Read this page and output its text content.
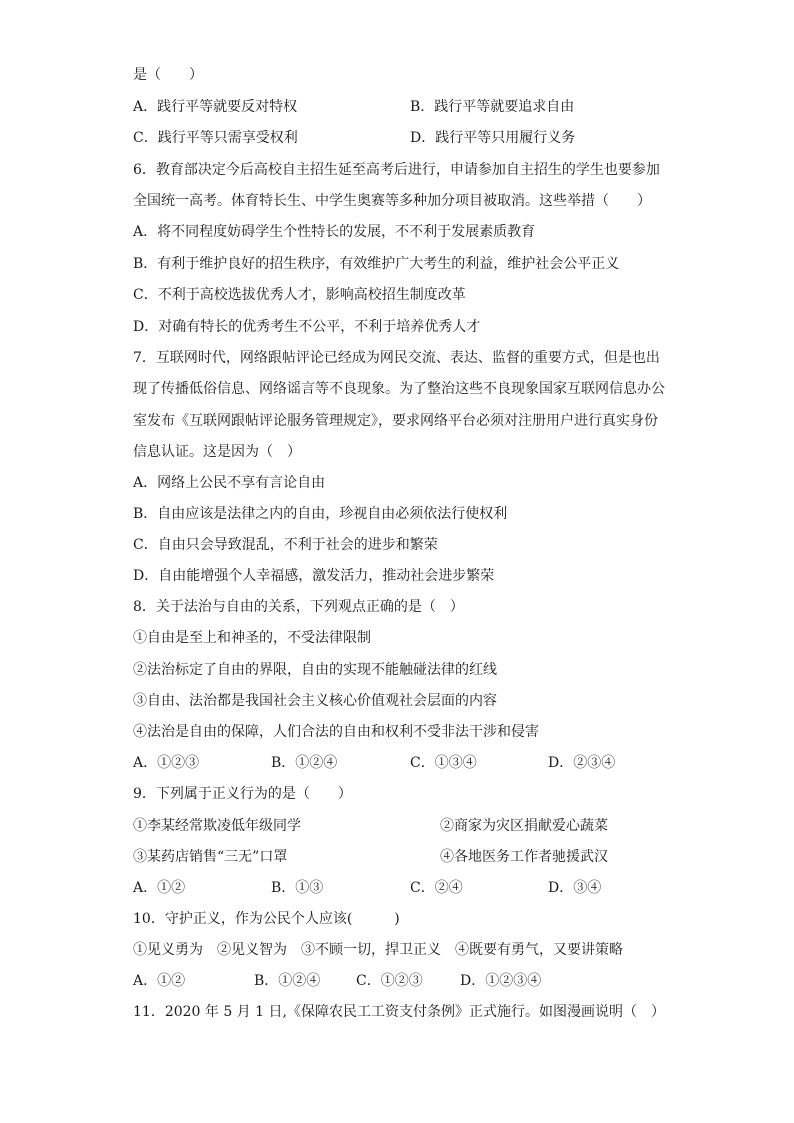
是（　　）
A．践行平等就要反对特权	B．践行平等就要追求自由
C．践行平等只需享受权利	D．践行平等只用履行义务
6．教育部决定今后高校自主招生延至高考后进行，申请参加自主招生的学生也要参加
全国统一高考。体育特长生、中学生奥赛等多种加分项目被取消。这些举措（　　）
A．将不同程度妨碍学生个性特长的发展，不不利于发展素质教育
B．有利于维护良好的招生秩序，有效维护广大考生的利益，维护社会公平正义
C．不利于高校选拔优秀人才，影响高校招生制度改革
D．对确有特长的优秀考生不公平，不利于培养优秀人才
7．互联网时代，网络跟帖评论已经成为网民交流、表达、监督的重要方式，但是也出
现了传播低俗信息、网络谣言等不良现象。为了整治这些不良现象国家互联网信息办公
室发布《互联网跟帖评论服务管理规定》，要求网络平台必须对注册用户进行真实身份
信息认证。这是因为（　）
A．网络上公民不享有言论自由
B．自由应该是法律之内的自由，珍视自由必须依法行使权利
C．自由只会导致混乱，不利于社会的进步和繁荣
D．自由能增强个人幸福感，激发活力，推动社会进步繁荣
8．关于法治与自由的关系，下列观点正确的是（　）
①自由是至上和神圣的，不受法律限制
②法治标定了自由的界限，自由的实现不能触碰法律的红线
③自由、法治都是我国社会主义核心价值观社会层面的内容
④法治是自由的保障，人们合法的自由和权利不受非法干涉和侵害
A．①②③	B．①②④	C．①③④	D．②③④
9．下列属于正义行为的是（　　）
①李某经常欺凌低年级同学	②商家为灾区捐献爱心蔬菜
③某药店销售“三无”口罩	④各地医务工作者驰援武汉
A．①②	B．①③	C．②④	D．③④
10．守护正义，作为公民个人应该(　　　)
①见义勇为　②见义智为　③不顾一切，捍卫正义　④既要有勇气，又要讲策略
A．①②	B．①②④	C．①②③	D．①②③④
11．2020 年 5 月 1 日,《保障农民工工资支付条例》正式施行。如图漫画说明（　）
